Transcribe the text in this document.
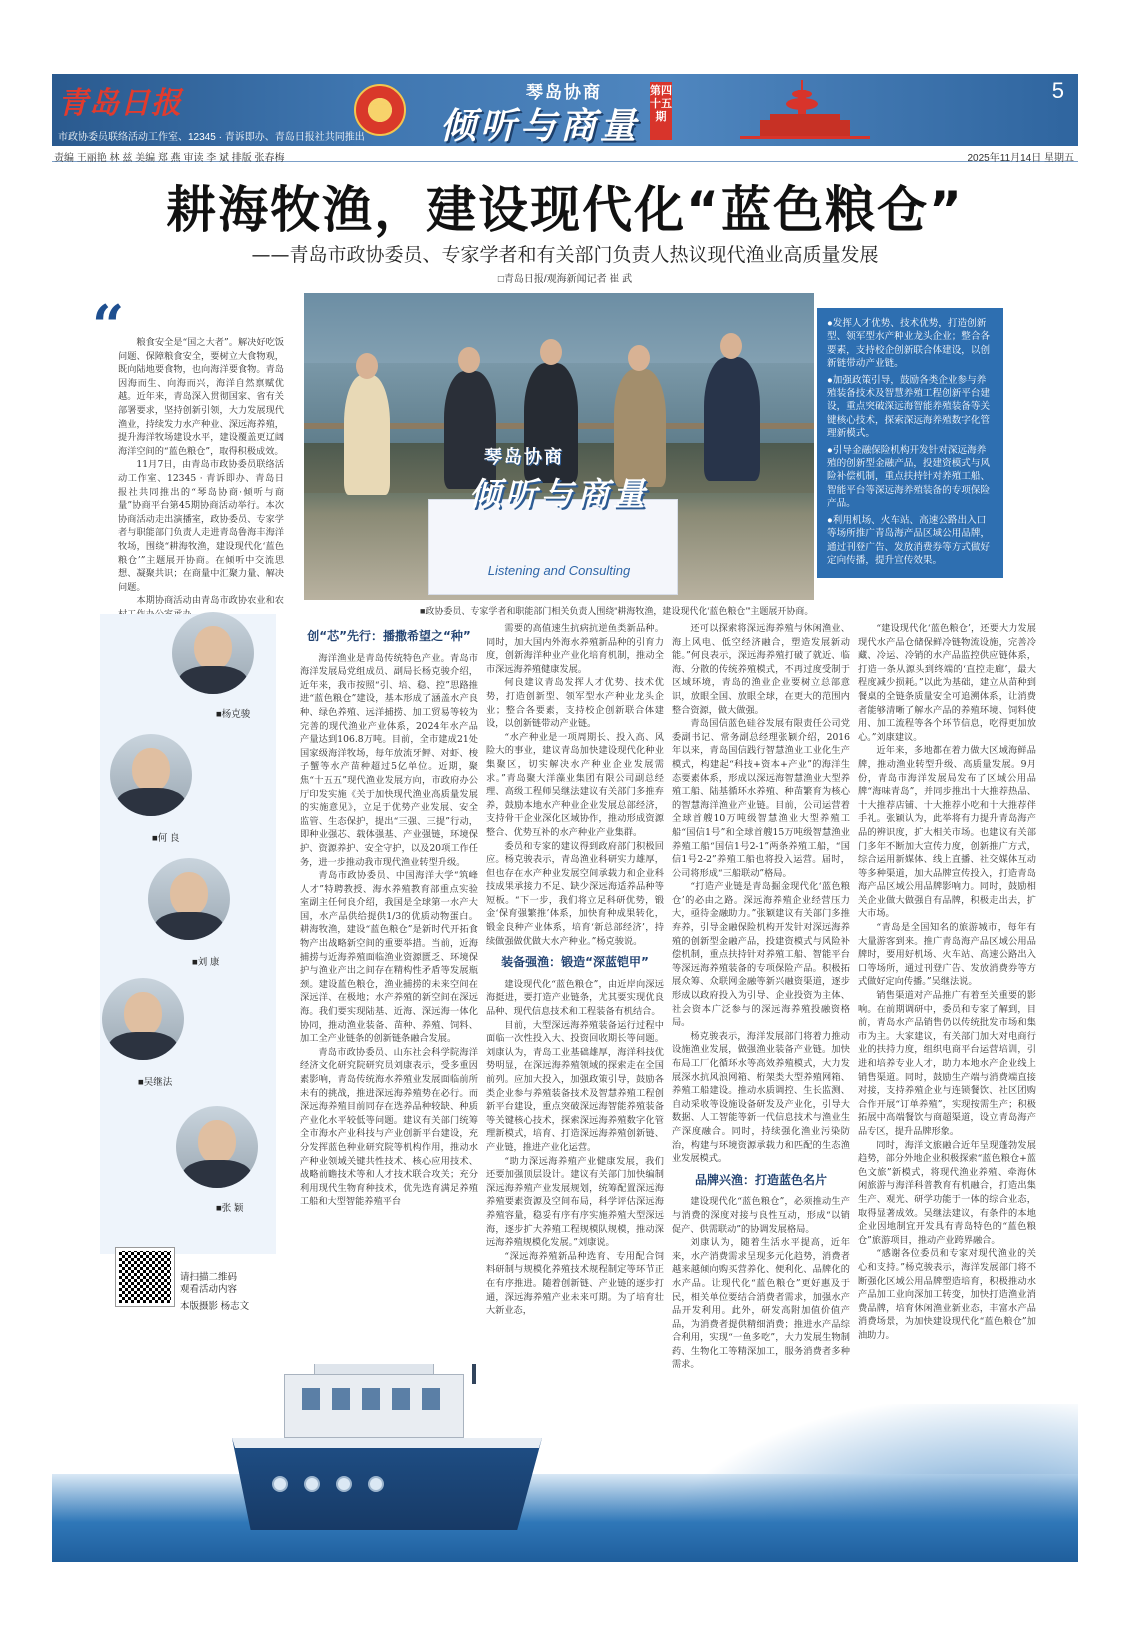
青岛日报
市政协委员联络活动工作室、12345 · 青诉即办、青岛日报社共同推出
★
琴岛协商
倾听与商量
第四十五期
5
责编 王丽艳 林 兹 美编 郑 燕 审读 李 斌 排版 张春梅	2025年11月14日 星期五
耕海牧渔，建设现代化“蓝色粮仓”
——青岛市政协委员、专家学者和有关部门负责人热议现代渔业高质量发展
□青岛日报/观海新闻记者 崔 武
“	粮食安全是“国之大者”。解决好吃饭问题、保障粮食安全，要树立大食物观，既向陆地要食物，也向海洋要食物。青岛因海而生、向海而兴，海洋自然禀赋优越。近年来，青岛深入贯彻国家、省有关部署要求，坚持创新引领，大力发展现代渔业，持续发力水产种业、深远海养殖，提升海洋牧场建设水平，建设覆盖更辽阔海洋空间的“蓝色粮仓”，取得积极成效。

11月7日，由青岛市政协委员联络活动工作室、12345 · 青诉即办、青岛日报社共同推出的“琴岛协商·倾听与商量”协商平台第45期协商活动举行。本次协商活动走出演播室，政协委员、专家学者与职能部门负责人走进青岛鲁海丰海洋牧场，围绕“耕海牧渔，建设现代化‘蓝色粮仓’”主题展开协商。在倾听中交流思想、凝聚共识；在商量中汇聚力量、解决问题。

本期协商活动由青岛市政协农业和农

琴岛协商
倾听与商量
Listening and Consulting
■政协委员、专家学者和职能部门相关负责人围绕“耕海牧渔，建设现代化‘蓝色粮仓’”主题展开协商。

●发挥人才优势、技术优势，打造创新型、领军型水产种业龙头企业；整合各要素，支持校企创新联合体建设，以创新链带动产业链。

●加强政策引导，鼓励各类企业参与养殖装备技术及智慧养殖工程创新平台建设，重点突破深远海智能养殖装备等关键核心技术，探索深远海养殖数字化管理新模式。

●引导金融保险机构开发针对深远海养殖的创新型金融产品，投建资模式与风险补偿机制，重点扶持针对养殖工船、智能平台等深远海养殖装备的专项保险产品。

●利用机场、火车站、高速公路出入口等场所推广青岛海产品区域公用品牌，通过刊登广告、发放消费券等方式做好定向传播，提升宣传效果。

■杨克骏
■何 良
■刘 康
■吴继法
■张 颖
请扫描二维码
观看活动内容
本版摄影 杨志文
创“芯”先行：播撒希望之“种”

海洋渔业是青岛传统特色产业。青岛市海洋发展局党组成员、副局长杨克骏介绍，近年来，我市按照“引、培、稳、控”思路推进“蓝色粮仓”建设，基本形成了涵盖水产良种、绿色养殖、远洋捕捞、加工贸易等较为完善的现代渔业产业体系，2024年水产品产量达到106.8万吨。目前，全市建成21处国家级海洋牧场，每年放流牙鲆、对虾、梭子蟹等水产苗种超过5亿单位。近期，聚焦“十五五”现代渔业发展方向，市政府办公厅印发实施《关于加快现代渔业高质量发展的实施意见》，立足于优势产业发展、安全监管、生态保护，提出“三强、三提”行动，即种业强芯、载体强基、产业强链，环境保护、资源养护、安全守护，以及20项工作任务，进一步推动我市现代渔业转型升级。

青岛市政协委员、中国海洋大学“筑峰人才”特聘教授、海水养殖教育部重点实验室副主任何良介绍，我国是全球第一水产大国，水产品供给提供1/3的优质动物蛋白。耕海牧渔，建设“蓝色粮仓”是新时代开拓食物产出战略新空间的重要举措。当前，近海捕捞与近海养殖面临渔业资源匮乏、环境保护与渔业产出之间存在精构性矛盾等发展瓶颈。建设蓝色粮仓，渔业捕捞的未来空间在深远洋、在极地；水产养殖的新空间在深远海。我们要实现陆基、近海、深远海一体化协同，推动渔业装备、苗种、养殖、饲料、加工全产业链条的创新链条融合发展。

青岛市政协委员、山东社会科学院海洋经济文化研究院研究员刘康表示，受多重因素影响，青岛传统海水养殖业发展面临前所未有的挑战，推进深远海养殖势在必行。而深远海养殖目前同存在选养品种较缺、种质产业化水平较低等问题。建议有关部门统筹全市海水产业科技与产业创新平台建设，充分发挥蓝色种业研究院等机构作用，推动水产种业领域关键共性技术、核心应用技术、战略前瞻技术等和人才技术联合攻关；充分利用现代生物育种技术，优先选育满足养殖工船和大型智能养殖平台

需要的高值速生抗病抗逆鱼类新品种。同时，加大国内外海水养殖新品种的引育力度，创新海洋种业产业化培育机制，推动全市深远海养殖健康发展。

何良建议青岛发挥人才优势、技术优势，打造创新型、领军型水产种业龙头企业；整合各要素，支持校企创新联合体建设，以创新链带动产业链。

“水产种业是一项周期长、投入高、风险大的事业，建议青岛加快建设现代化种业集聚区，切实解决水产种业企业发展需求。”青岛聚大洋藻业集团有限公司副总经理、高级工程师吴继法建议有关部门多推弃养，鼓励本地水产种业企业发展总部经济，支持骨干企业深化区域协作，推动形成资源整合、优势互补的水产种业产业集群。

委员和专家的建议得到政府部门积极回应。杨克骏表示，青岛渔业科研实力雄厚，但也存在水产种业发展空间承载力和企业科技成果承接力不足、缺少深远海适养品种等短板。“下一步，我们将立足科研优势，锻金‘保育强繁推’体系，加快育种成果转化，锻金良种产业体系，培育‘新总部经济’，持续做强做优做大水产种业。”杨克骏说。

装备强渔：锻造“深蓝铠甲”

建设现代化“蓝色粮仓”，由近岸向深远海挺进，要打造产业链条，尤其要实现优良品种、现代信息技术和工程装备有机结合。

目前，大型深远海养殖装备运行过程中面临一次性投入大、投资回收期长等问题。刘康认为，青岛工业基础雄厚，海洋科技优势明显，在深远海养殖领域的探索走在全国前列。应加大投入，加强政策引导，鼓励各类企业参与养殖装备技术及智慧养殖工程创新平台建设，重点突破深远海智能养殖装备等关键核心技术，探索深远海养殖数字化管理新模式，培育、打造深远海养殖创新链、产业链，推进产业化运营。

“助力深远海养殖产业健康发展，我们还要加强顶层设计。建议有关部门加快编制深远海养殖产业发展规划，统筹配置深远海养殖要素资源及空间布局，科学评估深远海养殖容量，稳妥有序有序实施养殖大型深远海，逐步扩大养殖工程规模队规模，推动深远海养殖规模化发展。”刘康说。

“深远海养殖新品种选育、专用配合饲料研制与规模化养殖技术规程制定等环节正在有序推进。随着创新链、产业链的逐步打通，深远海养殖产业未来可期。为了培育壮大新业态，

还可以探索将深远海养殖与休闲渔业、海上风电、低空经济融合，塑造发展新动能。”何良表示，深远海养殖打破了就近、临海、分散的传统养殖模式，不再过度受制于区域环境，青岛的渔业企业要树立总部意识，放眼全国、放眼全球，在更大的范围内整合资源，做大做强。

青岛国信蓝色硅谷发展有限责任公司党委副书记、常务副总经理张颖介绍，2016年以来，青岛国信践行智慧渔业工业化生产模式，构建起“科技+资本+产业”的海洋生态要素体系，形成以深远海智慧渔业大型养殖工船、陆基循环水养殖、种苗繁育为核心的智慧海洋渔业产业链。目前，公司运营着全球首艘10万吨级智慧渔业大型养殖工船“国信1号”和全球首艘15万吨级智慧渔业养殖工船“国信1号2-1”两条养殖工船，“国信1号2-2”养殖工船也将投入运营。届时，公司将形成“三船联动”格局。

“打造产业链是青岛掘金现代化‘蓝色粮仓’的必由之路。深远海养殖企业经营压力大，亟待金融助力。”张颖建议有关部门多推弃养，引导金融保险机构开发针对深远海养殖的创新型金融产品，投建资模式与风险补偿机制，重点扶持针对养殖工船、智能平台等深远海养殖装备的专项保险产品。积极拓展众筹、众联网金融等新兴融资渠道，逐步形成以政府投入为引导、企业投资为主体、社会资本广泛参与的深远海养殖投融资格局。

杨克骏表示，海洋发展部门将着力推动设施渔业发展，做强渔业装备产业链。加快布局工厂化循环水等高效养殖模式，大力发展深水抗风浪网箱、桁架类大型养殖网箱、养殖工船建设。推动水质调控、生长监测、自动采收等设施设备研发及产业化，引导大数据、人工智能等新一代信息技术与渔业生产深度融合。同时，持续强化渔业污染防治，构建与环境资源承载力和匹配的生态渔业发展模式。

品牌兴渔：打造蓝色名片

建设现代化“蓝色粮仓”，必须推动生产与消费的深度对接与良性互动，形成“以销促产、供需联动”的协调发展格局。

刘康认为，随着生活水平提高，近年来，水产消费需求呈现多元化趋势，消费者越来越倾向购买营养化、便利化、品牌化的水产品。让现代化“蓝色粮仓”更好惠及于民，相关单位要结合消费者需求，加强水产品开发利用。此外，研发高附加值价值产品，为消费者提供精细消费；推进水产品综合利用，实现“一鱼多吃”，大力发展生物制药、生物化工等精深加工，服务消费者多种需求。

“建设现代化‘蓝色粮仓’，还要大力发展现代水产品仓储保鲜冷链物流设施，完善冷藏、冷运、冷销的水产品监控供应链体系，打造一条从源头到终端的‘直控走廊’，最大程度减少损耗。”以此为基础，建立从苗种到餐桌的全链条质量安全可追溯体系，让消费者能够清晰了解水产品的养殖环境、饲料使用、加工流程等各个环节信息，吃得更加放心。”刘康建议。

近年来，多地都在着力做大区域海鲜品牌，推动渔业转型升级、高质量发展。9月份，青岛市海洋发展局发布了区域公用品牌“海味青岛”，并同步推出十大推荐热品、十大推荐店铺、十大推荐小吃和十大推荐伴手礼。张颖认为，此举将有力提升青岛海产品的辨识度，扩大相关市场。也建议有关部门多年不断加大宣传力度，创新推广方式，综合运用新媒体、线上直播、社交媒体互动等多种渠道，加大品牌宣传投入，打造青岛海产品区域公用品牌影响力。同时，鼓励相关企业做大做强自有品牌，积极走出去，扩大市场。

“青岛是全国知名的旅游城市，每年有大量游客到来。推广青岛海产品区域公用品牌时，要用好机场、火车站、高速公路出入口等场所，通过刊登广告、发放消费券等方式做好定向传播。”吴继法说。

销售渠道对产品推广有着至关重要的影响。在前期调研中，委员和专家了解到，目前，青岛水产品销售仍以传统批发市场和集市为主。大家建议，有关部门加大对电商行业的扶持力度，组织电商平台运营培训，引进和培养专业人才，助力本地水产企业线上销售渠道。同时，鼓励生产端与消费端直接对接，支持养殖企业与连锁餐饮、社区团购合作开展“订单养殖”，实现按需生产；积极拓展中高端餐饮与商超渠道，设立青岛海产品专区，提升品牌形象。

同时，海洋文旅融合近年呈现蓬勃发展趋势，部分外地企业积极探索“蓝色粮仓+蓝色文旅”新模式，将现代渔业养殖、牵海休闲旅游与海洋科普教育有机融合，打造出集生产、观光、研学功能于一体的综合业态，取得显著成效。吴继法建议，有条件的本地企业因地制宜开发具有青岛特色的“蓝色粮仓”旅游项目，推动产业跨界融合。

“感谢各位委员和专家对现代渔业的关心和支持。”杨克骏表示，海洋发展部门将不断强化区域公用品牌塑造培育，积极推动水产品加工业向深加工转变，加快打造渔业消费品牌，培育休闲渔业新业态，丰富水产品消费场景，为加快建设现代化“蓝色粮仓”加油助力。
